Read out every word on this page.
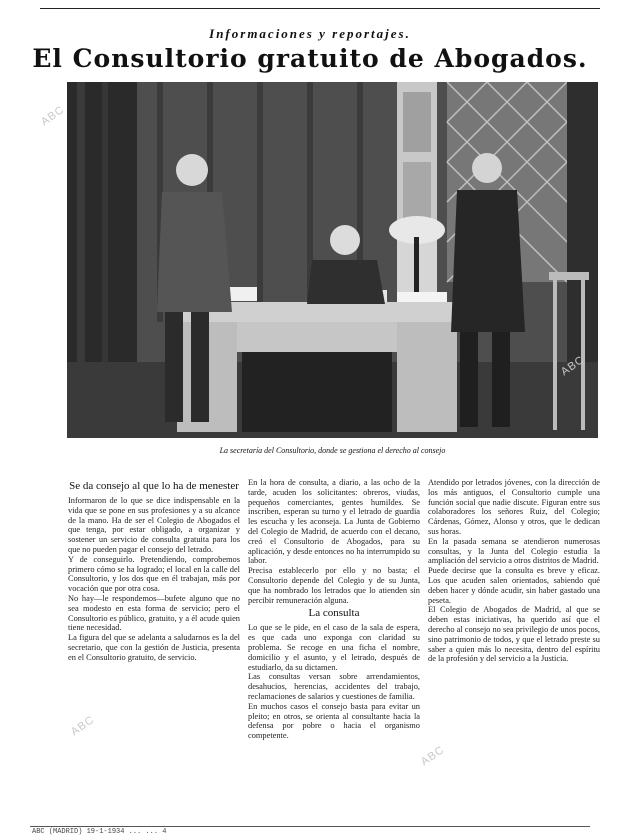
Informaciones y reportajes.
El Consultorio gratuito de Abogados.
La secretaría del Consultorio, donde se gestiona el derecho al consejo
Se da consejo al que lo ha de menester

Informaron de lo que se dice indispensable en la vida que se pone en sus profesiones y a su alcance de la mano. Ha de ser el Colegio de Abogados el que tenga, por estar obligado, a organizar y sostener un servicio de consulta gratuita para los que no pueden pagar el consejo del letrado.

Y de conseguirlo. Pretendiendo, comprobemos primero cómo se ha logrado; el local en la calle del Consultorio, y los dos que en él trabajan, más por vocación que por otra cosa.

No hay—le respondemos—bufete alguno que no sea modesto en esta forma de servicio; pero el Consultorio es público, gratuito, y a él acude quien tiene necesidad.

La figura del que se adelanta a saludarnos es la del secretario, que con la gestión de Justicia, presenta en el Consultorio gratuito, de servicio.

En la hora de consulta, a diario, a las ocho de la tarde, acuden los solicitantes: obreros, viudas, pequeños comerciantes, gentes humildes. Se inscriben, esperan su turno y el letrado de guardia les escucha y les aconseja. La Junta de Gobierno del Colegio de Madrid, de acuerdo con el decano, creó el Consultorio de Abogados, para su aplicación, y desde entonces no ha interrumpido su labor.

Precisa establecerlo por ello y no basta; el Consultorio depende del Colegio y de su Junta, que ha nombrado los letrados que lo atienden sin percibir remuneración alguna.

La consulta

Lo que se le pide, en el caso de la sala de espera, es que cada uno exponga con claridad su problema. Se recoge en una ficha el nombre, domicilio y el asunto, y el letrado, después de estudiarlo, da su dictamen.

Las consultas versan sobre arrendamientos, desahucios, herencias, accidentes del trabajo, reclamaciones de salarios y cuestiones de familia.

En muchos casos el consejo basta para evitar un pleito; en otros, se orienta al consultante hacia la defensa por pobre o hacia el organismo competente.

Atendido por letrados jóvenes, con la dirección de los más antiguos, el Consultorio cumple una función social que nadie discute. Figuran entre sus colaboradores los señores Ruiz, del Colegio; Cárdenas, Gómez, Alonso y otros, que le dedican sus horas.

En la pasada semana se atendieron numerosas consultas, y la Junta del Colegio estudia la ampliación del servicio a otros distritos de Madrid.

Puede decirse que la consulta es breve y eficaz. Los que acuden salen orientados, sabiendo qué deben hacer y dónde acudir, sin haber gastado una peseta.

El Colegio de Abogados de Madrid, al que se deben estas iniciativas, ha querido así que el derecho al consejo no sea privilegio de unos pocos, sino patrimonio de todos, y que el letrado preste su saber a quien más lo necesita, dentro del espíritu de la profesión y del servicio a la Justicia.

ABC (MADRID) 19-1-1934 ... ... 4
ABC
ABC
ABC
ABC
